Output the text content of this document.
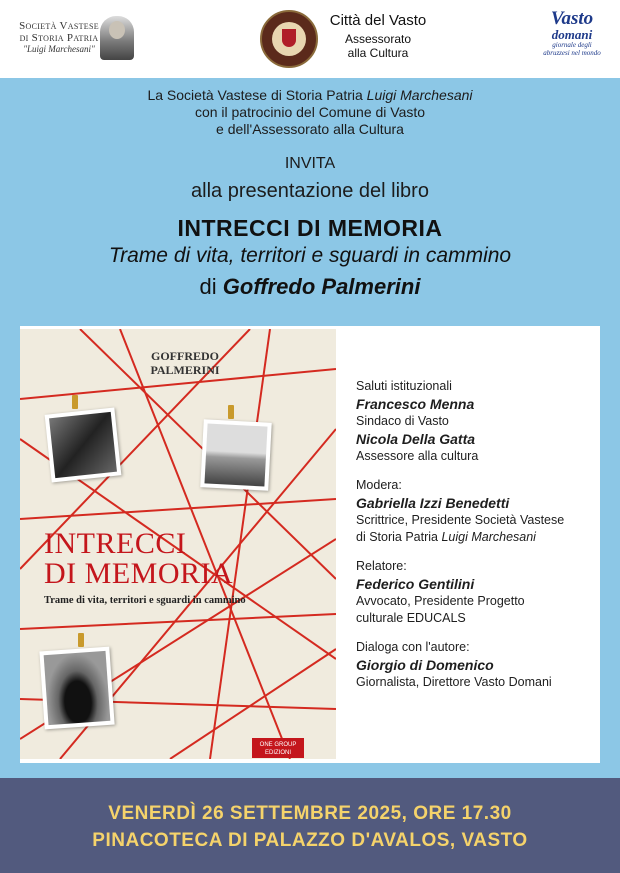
Società Vastese
di Storia Patria
"Luigi Marchesani"
Città del Vasto
Assessorato
alla Cultura
Vasto
domani
giornale degli
abruzzesi nel mondo
La Società Vastese di Storia Patria Luigi Marchesani
con il patrocinio del Comune di Vasto
e dell'Assessorato alla Cultura
INVITA
alla presentazione del libro
INTRECCI DI MEMORIA
Trame di vita, territori e sguardi in cammino
di Goffredo Palmerini
GOFFREDO
PALMERINI
INTRECCI
DI MEMORIA
Trame di vita, territori e sguardi in cammino
ONE GROUP
EDIZIONI
Saluti istituzionali
Francesco Menna
Sindaco di Vasto
Nicola Della Gatta
Assessore alla cultura
Modera:
Gabriella Izzi Benedetti
Scrittrice, Presidente Società Vastese
di Storia Patria Luigi Marchesani
Relatore:
Federico Gentilini
Avvocato, Presidente Progetto
culturale EDUCALS
Dialoga con l'autore:
Giorgio di Domenico
Giornalista, Direttore Vasto Domani
VENERDÌ 26 SETTEMBRE 2025, ORE 17.30
PINACOTECA DI PALAZZO D'AVALOS, VASTO
